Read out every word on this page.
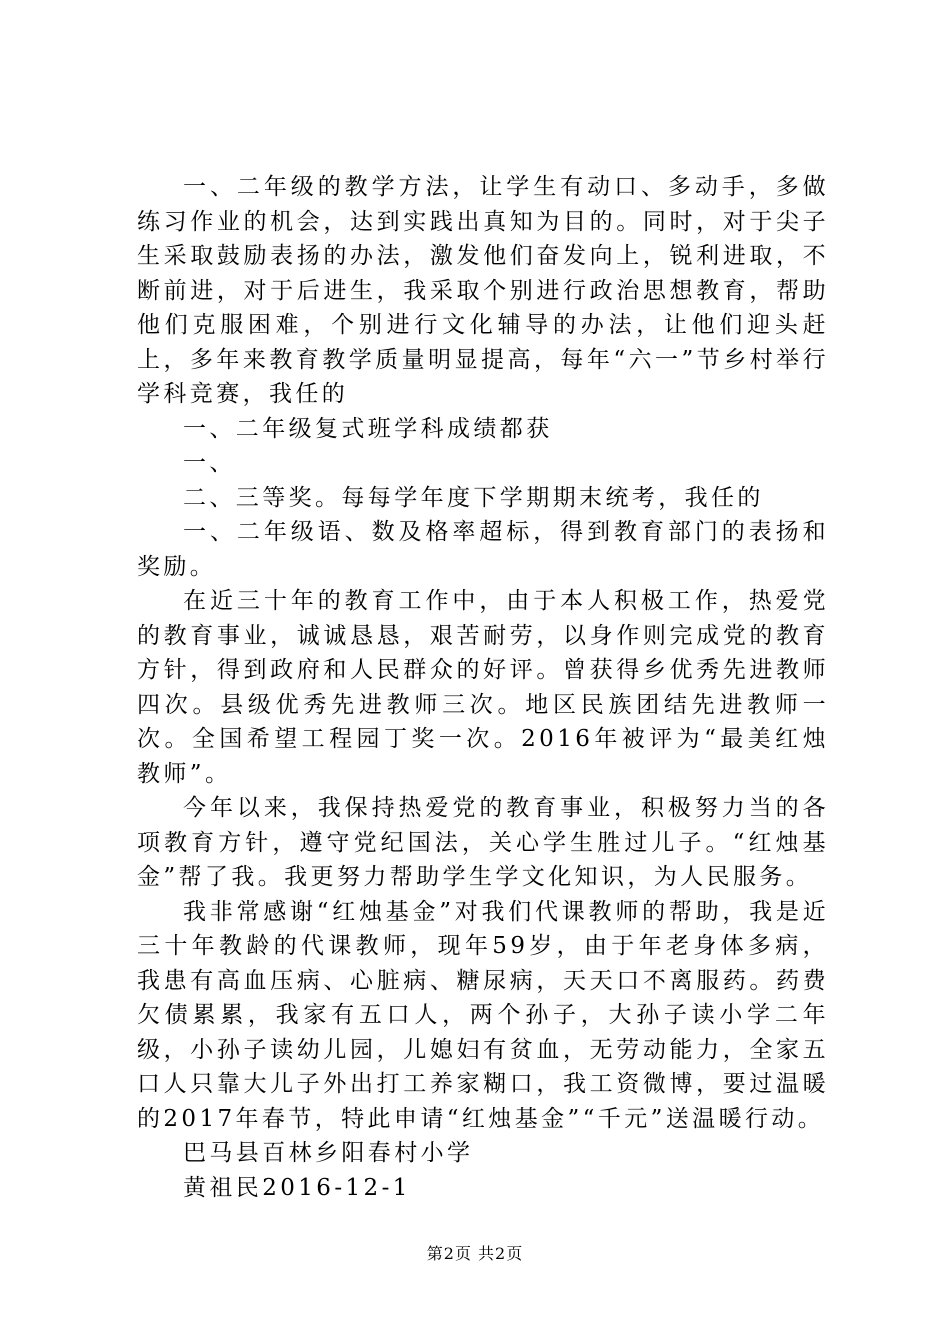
一、二年级的教学方法，让学生有动口、多动手，多做练习作业的机会，达到实践出真知为目的。同时，对于尖子生采取鼓励表扬的办法，激发他们奋发向上，锐利进取，不断前进，对于后进生，我采取个别进行政治思想教育，帮助他们克服困难，个别进行文化辅导的办法，让他们迎头赶上，多年来教育教学质量明显提高，每年“六一”节乡村举行学科竞赛，我任的

一、二年级复式班学科成绩都获

一、

二、三等奖。每每学年度下学期期末统考，我任的

一、二年级语、数及格率超标，得到教育部门的表扬和奖励。

在近三十年的教育工作中，由于本人积极工作，热爱党的教育事业，诚诚恳恳，艰苦耐劳，以身作则完成党的教育方针，得到政府和人民群众的好评。曾获得乡优秀先进教师四次。县级优秀先进教师三次。地区民族团结先进教师一次。全国希望工程园丁奖一次。2016年被评为“最美红烛教师”。

今年以来，我保持热爱党的教育事业，积极努力当的各项教育方针，遵守党纪国法，关心学生胜过儿子。“红烛基金”帮了我。我更努力帮助学生学文化知识，为人民服务。

我非常感谢“红烛基金”对我们代课教师的帮助，我是近三十年教龄的代课教师，现年59岁，由于年老身体多病，我患有高血压病、心脏病、糖尿病，天天口不离服药。药费欠债累累，我家有五口人，两个孙子，大孙子读小学二年级，小孙子读幼儿园，儿媳妇有贫血，无劳动能力，全家五口人只靠大儿子外出打工养家糊口，我工资微博，要过温暖的2017年春节，特此申请“红烛基金”“千元”送温暖行动。

巴马县百林乡阳春村小学

黄祖民2016-12-1

第2页 共2页
